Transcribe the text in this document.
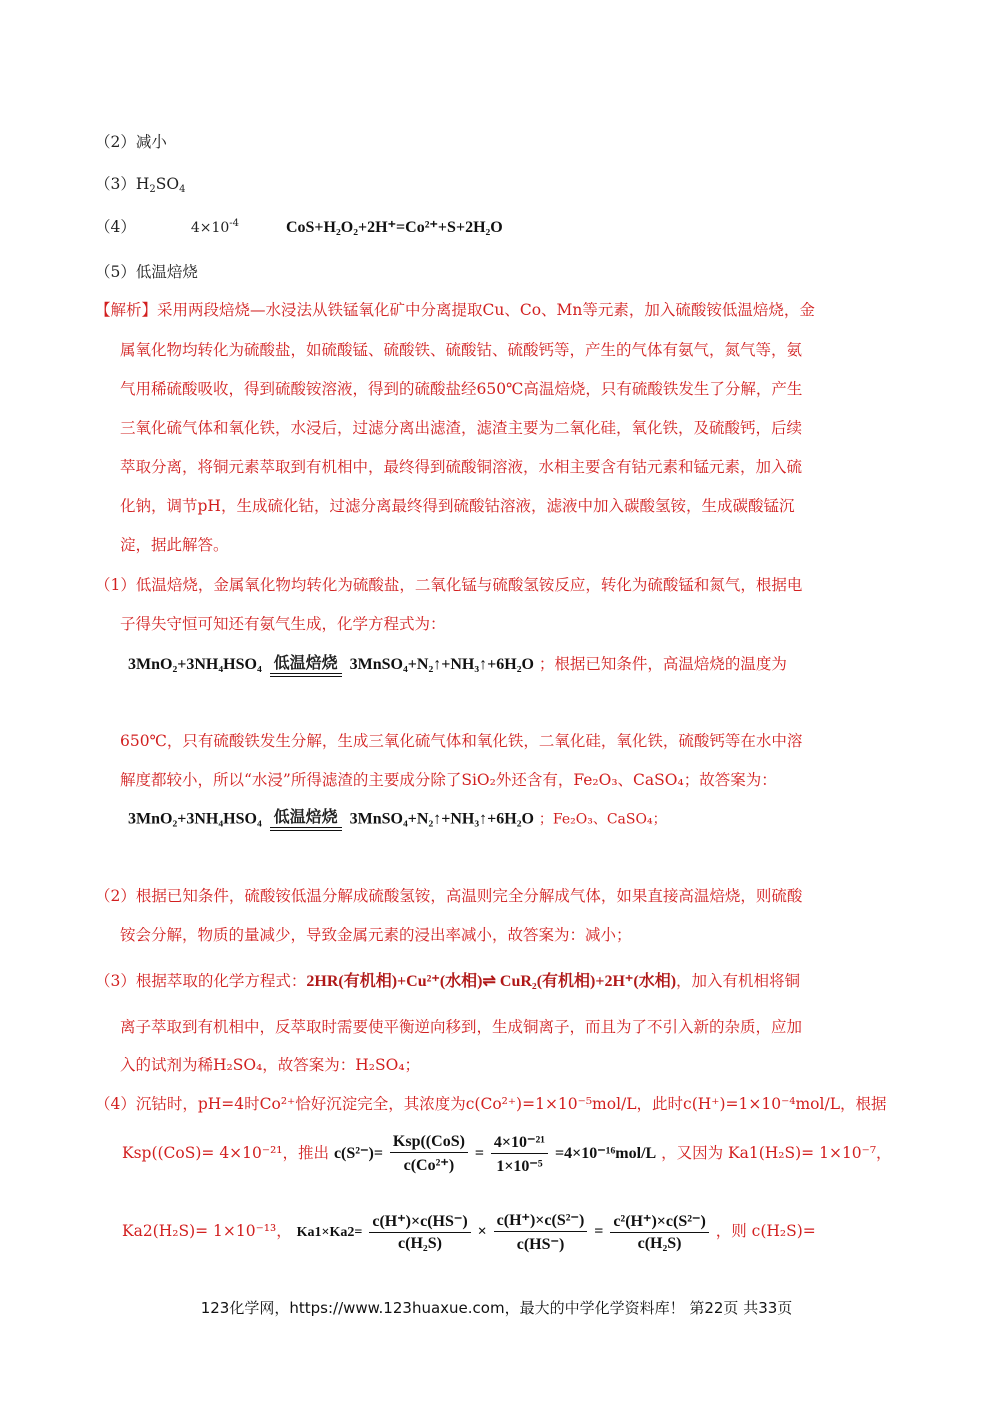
（2）减小
$(3)H_2SO_4$
（4）	$4\times 10^{-4}$	CoS+H₂O₂+2H⁺=Co²⁺+S+2H₂O
（5）低温焙烧
【解析】采用两段焙烧—水浸法从铁锰氧化矿中分离提取Cu、Co、Mn等元素，加入硫酸铵低温焙烧，金
属氧化物均转化为硫酸盐，如硫酸锰、硫酸铁、硫酸钴、硫酸钙等，产生的气体有氨气，氮气等，氨
气用稀硫酸吸收，得到硫酸铵溶液，得到的硫酸盐经650℃高温焙烧，只有硫酸铁发生了分解，产生
三氧化硫气体和氧化铁，水浸后，过滤分离出滤渣，滤渣主要为二氧化硅，氧化铁，及硫酸钙，后续
萃取分离，将铜元素萃取到有机相中，最终得到硫酸铜溶液，水相主要含有钴元素和锰元素，加入硫
化钠，调节pH，生成硫化钴，过滤分离最终得到硫酸钴溶液，滤液中加入碳酸氢铵，生成碳酸锰沉
淀，据此解答。
（1）低温焙烧，金属氧化物均转化为硫酸盐，二氧化锰与硫酸氢铵反应，转化为硫酸锰和氮气，根据电
子得失守恒可知还有氨气生成，化学方程式为：
3MnO₂+3NH₄HSO₄ 低温焙烧 3MnSO₄+N₂↑+NH₃↑+6H₂O ；根据已知条件，高温焙烧的温度为
650℃，只有硫酸铁发生分解，生成三氧化硫气体和氧化铁，二氧化硅，氧化铁，硫酸钙等在水中溶
解度都较小，所以“水浸”所得滤渣的主要成分除了SiO₂外还含有，Fe₂O₃、CaSO₄；故答案为：
3MnO₂+3NH₄HSO₄ 低温焙烧 3MnSO₄+N₂↑+NH₃↑+6H₂O ；Fe₂O₃、CaSO₄；
（2）根据已知条件，硫酸铵低温分解成硫酸氢铵，高温则完全分解成气体，如果直接高温焙烧，则硫酸
铵会分解，物质的量减少，导致金属元素的浸出率减小，故答案为：减小；
（3）根据萃取的化学方程式：2HR(有机相)+Cu²⁺(水相)⇌ CuR₂(有机相)+2H⁺(水相)，加入有机相将铜
离子萃取到有机相中，反萃取时需要使平衡逆向移到，生成铜离子，而且为了不引入新的杂质，应加
入的试剂为稀H₂SO₄，故答案为：H₂SO₄；
（4）沉钴时，pH=4时Co²⁺恰好沉淀完全，其浓度为c(Co²⁺)=1×10⁻⁵mol/L，此时c(H⁺)=1×10⁻⁴mol/L，根据
Ksp((CoS)= 4×10⁻²¹，推出 $c(S^{2-})= \frac{\text{Ksp((CoS)}}{\text{c(Co²⁺)}} = \frac{\text{4×10⁻²¹}}{\text{1×10⁻⁵}} =4\times 10^{-16}mol/L$ ，又因为 Ka1(H₂S)= 1×10⁻⁷，
Ka2(H₂S)= 1×10⁻¹³， $Ka1\times Ka2= \frac{c(H^+)\times c(HS^-)}{\text{c(H₂S)}} \times \frac{\text{c(H⁺)×c(S²⁻)}}{c(HS^-)} = \frac{\text{c²(H⁺)×c(S²⁻)}}{\text{c(H₂S)}}$ ，则 c(H₂S)=
123化学网，https://www.123huaxue.com，最大的中学化学资料库！ 第22页 共33页
